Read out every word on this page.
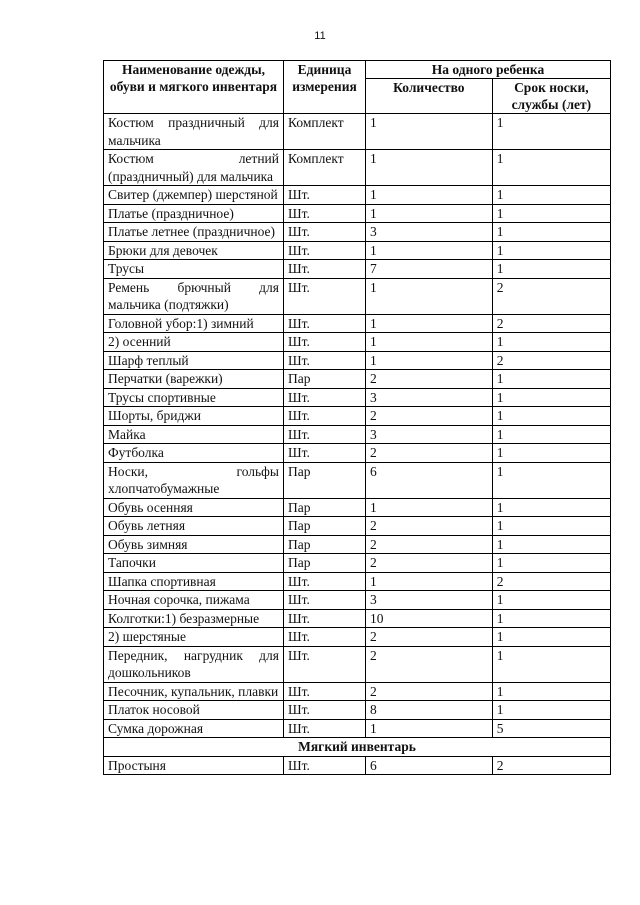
11
Наименование одежды, обуви и мягкого инвентаря	Единица измерения	На одного ребенка	
		Количество	Срок носки, службы (лет)
Костюм праздничный для мальчика	Комплект	1	1
Костюм летний (праздничный) для мальчика	Комплект	1	1
Свитер (джемпер) шерстяной	Шт.	1	1
Платье (праздничное)	Шт.	1	1
Платье летнее (праздничное)	Шт.	3	1
Брюки для девочек	Шт.	1	1
Трусы	Шт.	7	1
Ремень брючный для мальчика (подтяжки)	Шт.	1	2
Головной убор:1) зимний	Шт.	1	2
2) осенний	Шт.	1	1
Шарф теплый	Шт.	1	2
Перчатки (варежки)	Пар	2	1
Трусы спортивные	Шт.	3	1
Шорты, бриджи	Шт.	2	1
Майка	Шт.	3	1
Футболка	Шт.	2	1
Носки, гольфы хлопчатобумажные	Пар	6	1
Обувь осенняя	Пар	1	1
Обувь летняя	Пар	2	1
Обувь зимняя	Пар	2	1
Тапочки	Пар	2	1
Шапка спортивная	Шт.	1	2
Ночная сорочка, пижама	Шт.	3	1
Колготки:1) безразмерные	Шт.	10	1
2) шерстяные	Шт.	2	1
Передник, нагрудник для дошкольников	Шт.	2	1
Песочник, купальник, плавки	Шт.	2	1
Платок носовой	Шт.	8	1
Сумка дорожная	Шт.	1	5
Мягкий инвентарь			
Простыня	Шт.	6	2
